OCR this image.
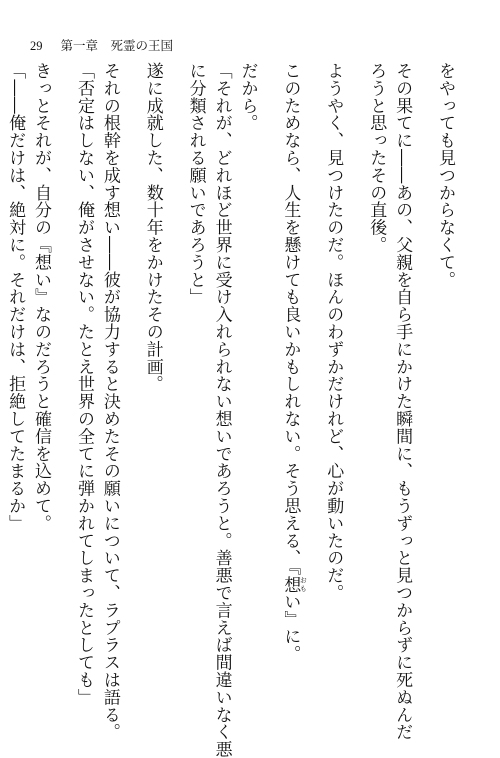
29 第一章　死霊の王国
をやっても見つからなくて。
その果てに――あの、父親を自ら手にかけた瞬間に、もうずっと見つからずに死ぬんだ
ろうと思ったその直後。
ようやく、見つけたのだ。ほんのわずかだけれど、心が動いたのだ。
このためなら、人生を懸けても良いかもしれない。そう思える、『想 おもい』に。
だから。
「それが、どれほど世界に受け入れられない想いであろうと。善悪で言えば間違いなく悪
に分類される願いであろうと」
遂に成就した、数十年をかけたその計画。
それの根幹を成す想い――彼が協力すると決めたその願いについて、ラプラスは語る。
「否定はしない、俺がさせない。たとえ世界の全てに弾かれてしまったとしても」
きっとそれが、自分の『想い』なのだろうと確信を込めて。
「――俺だけは、絶対に。それだけは、拒絶してたまるか」
